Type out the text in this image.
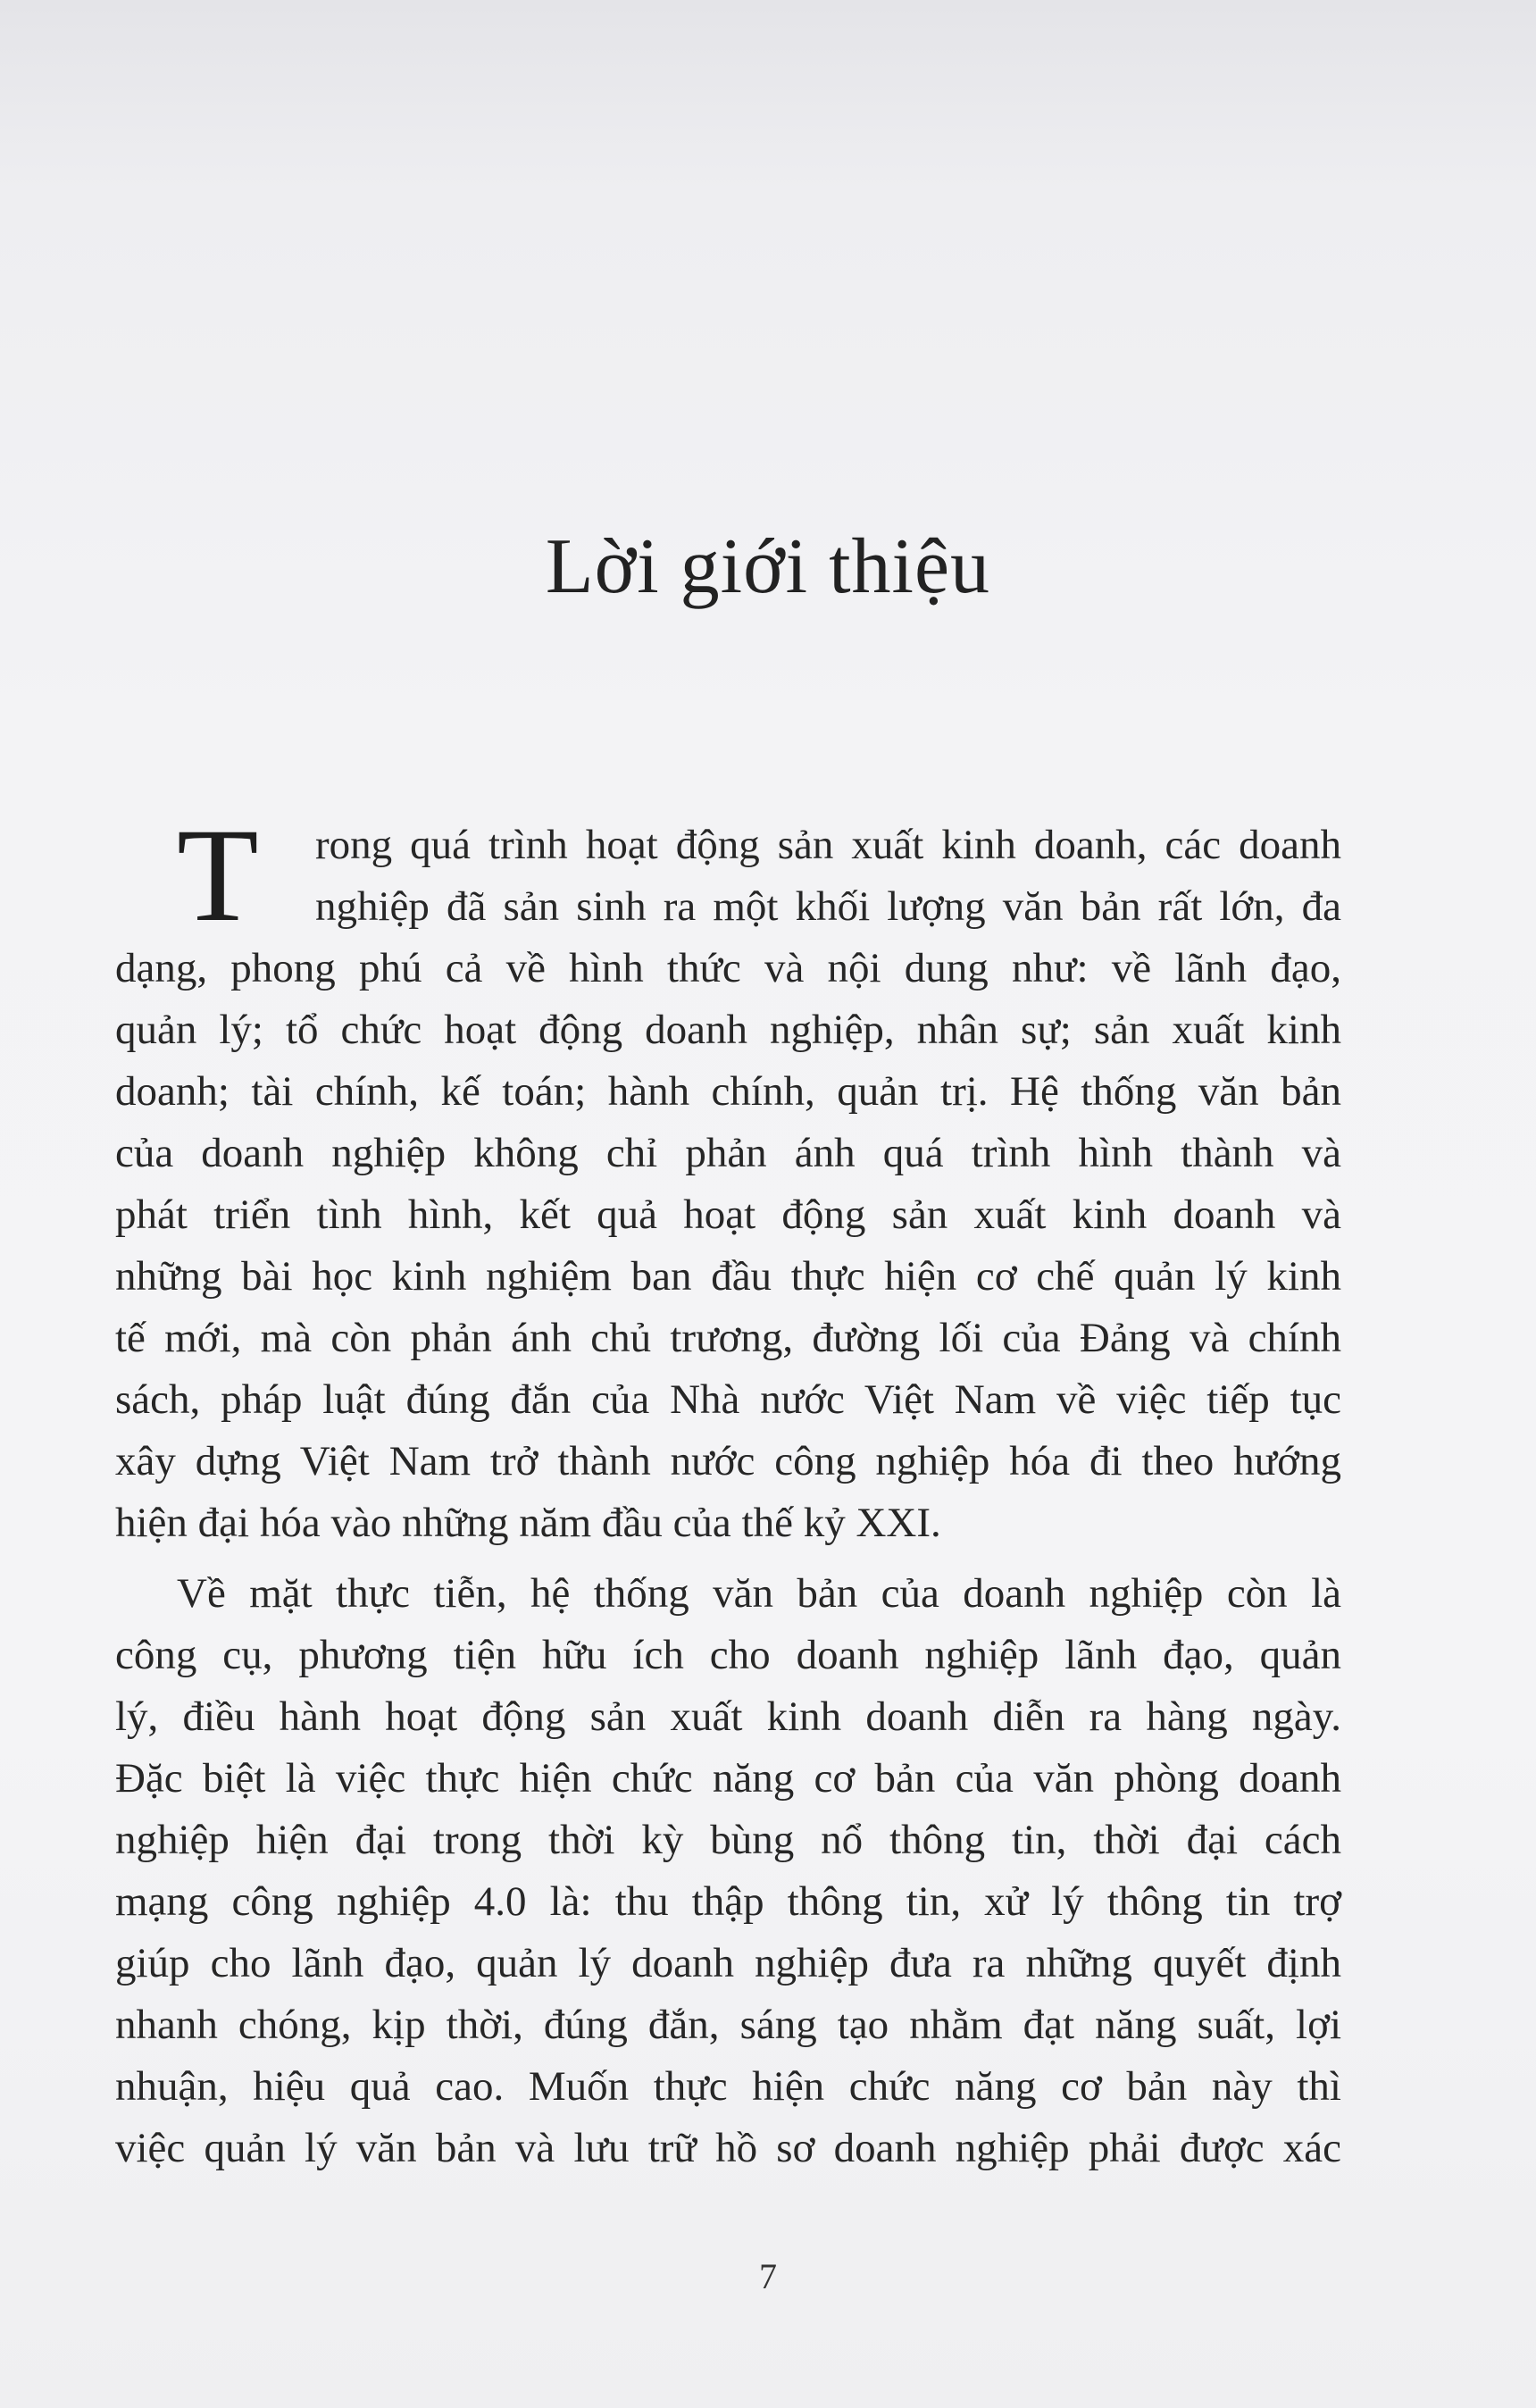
Lời giới thiệu
T	rong quá trình hoạt động sản xuất kinh doanh, các doanh
nghiệp đã sản sinh ra một khối lượng văn bản rất lớn, đa
dạng, phong phú cả về hình thức và nội dung như: về lãnh đạo,
quản lý; tổ chức hoạt động doanh nghiệp, nhân sự; sản xuất kinh
doanh; tài chính, kế toán; hành chính, quản trị. Hệ thống văn bản
của doanh nghiệp không chỉ phản ánh quá trình hình thành và
phát triển tình hình, kết quả hoạt động sản xuất kinh doanh và
những bài học kinh nghiệm ban đầu thực hiện cơ chế quản lý kinh
tế mới, mà còn phản ánh chủ trương, đường lối của Đảng và chính
sách, pháp luật đúng đắn của Nhà nước Việt Nam về việc tiếp tục
xây dựng Việt Nam trở thành nước công nghiệp hóa đi theo hướng
hiện đại hóa vào những năm đầu của thế kỷ XXI.
Về mặt thực tiễn, hệ thống văn bản của doanh nghiệp còn là
công cụ, phương tiện hữu ích cho doanh nghiệp lãnh đạo, quản
lý, điều hành hoạt động sản xuất kinh doanh diễn ra hàng ngày.
Đặc biệt là việc thực hiện chức năng cơ bản của văn phòng doanh
nghiệp hiện đại trong thời kỳ bùng nổ thông tin, thời đại cách
mạng công nghiệp 4.0 là: thu thập thông tin, xử lý thông tin trợ
giúp cho lãnh đạo, quản lý doanh nghiệp đưa ra những quyết định
nhanh chóng, kịp thời, đúng đắn, sáng tạo nhằm đạt năng suất, lợi
nhuận, hiệu quả cao. Muốn thực hiện chức năng cơ bản này thì
việc quản lý văn bản và lưu trữ hồ sơ doanh nghiệp phải được xác
7
